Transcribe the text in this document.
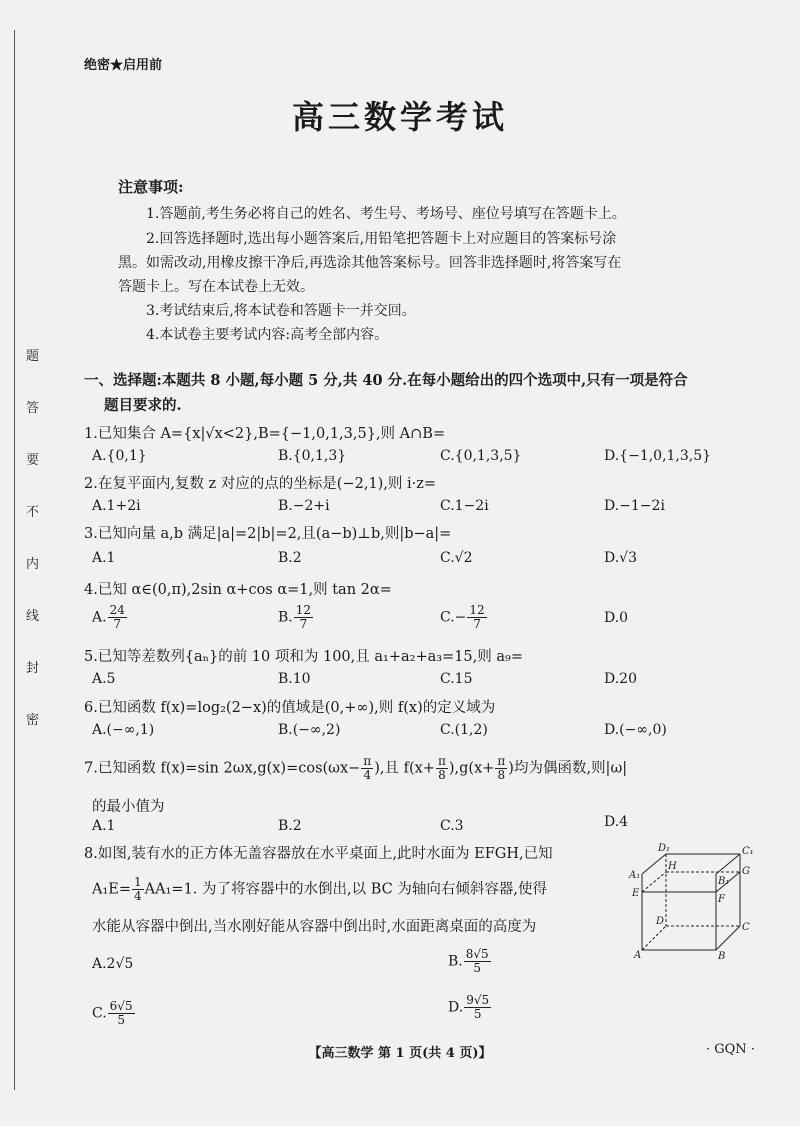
题
答
要
不
内
线
封
密
绝密★启用前
高三数学考试
注意事项:
1.答题前,考生务必将自己的姓名、考生号、考场号、座位号填写在答题卡上。
2.回答选择题时,选出每小题答案后,用铅笔把答题卡上对应题目的答案标号涂
黑。如需改动,用橡皮擦干净后,再选涂其他答案标号。回答非选择题时,将答案写在
答题卡上。写在本试卷上无效。
3.考试结束后,将本试卷和答题卡一并交回。
4.本试卷主要考试内容:高考全部内容。
一、选择题:本题共 8 小题,每小题 5 分,共 40 分.在每小题给出的四个选项中,只有一项是符合
题目要求的.
1.已知集合 A={x|√x<2},B={−1,0,1,3,5},则 A∩B=
A.{0,1}	B.{0,1,3}	C.{0,1,3,5}	D.{−1,0,1,3,5}
2.在复平面内,复数 z 对应的点的坐标是(−2,1),则 i·z=
A.1+2i	B.−2+i	C.1−2i	D.−1−2i
3.已知向量 a,b 满足|a|=2|b|=2,且(a−b)⊥b,则|b−a|=
A.1	B.2	C.√2	D.√3
4.已知 α∈(0,π),2sin α+cos α=1,则 tan 2α=
A. $\frac{24}{7}$	B. $\frac{12}{7}$	$C.- \frac{12}{7}$	D.0
5.已知等差数列{aₙ}的前 10 项和为 100,且 a₁+a₂+a₃=15,则 a₉=
A.5	B.10	C.15	D.20
6.已知函数 f(x)=log₂(2−x)的值域是(0,+∞),则 f(x)的定义域为
A.(−∞,1)	B.(−∞,2)	C.(1,2)	D.(−∞,0)
7.已知函数 f(x)=sin $2\omega x,g(x)=\cos(\omega x- \frac{\pi}{4}$ ),且 $f(x+ \frac{\pi}{8} ),g(x+ \frac{\pi}{8}$ )均为偶函数,则|ω|
的最小值为
A.1	B.2	C.3	D.4
8.如图,装有水的正方体无盖容器放在水平桌面上,此时水面为 EFGH,已知
$A_1E= \frac{1}{4} AA_1=1$. 为了将容器中的水倒出,以 BC 为轴向右倾斜容器,使得
水能从容器中倒出,当水刚好能从容器中倒出时,水面距离桌面的高度为
A.2√5	B. $\frac{8√5}{5}$
C. $\frac{6√5}{5}$	D. $\frac{9√5}{5}$
D₁	C₁
H
A₁
B₁
G
E
F
D
C
A	B
【高三数学 第 1 页(共 4 页)】	· GQN ·
